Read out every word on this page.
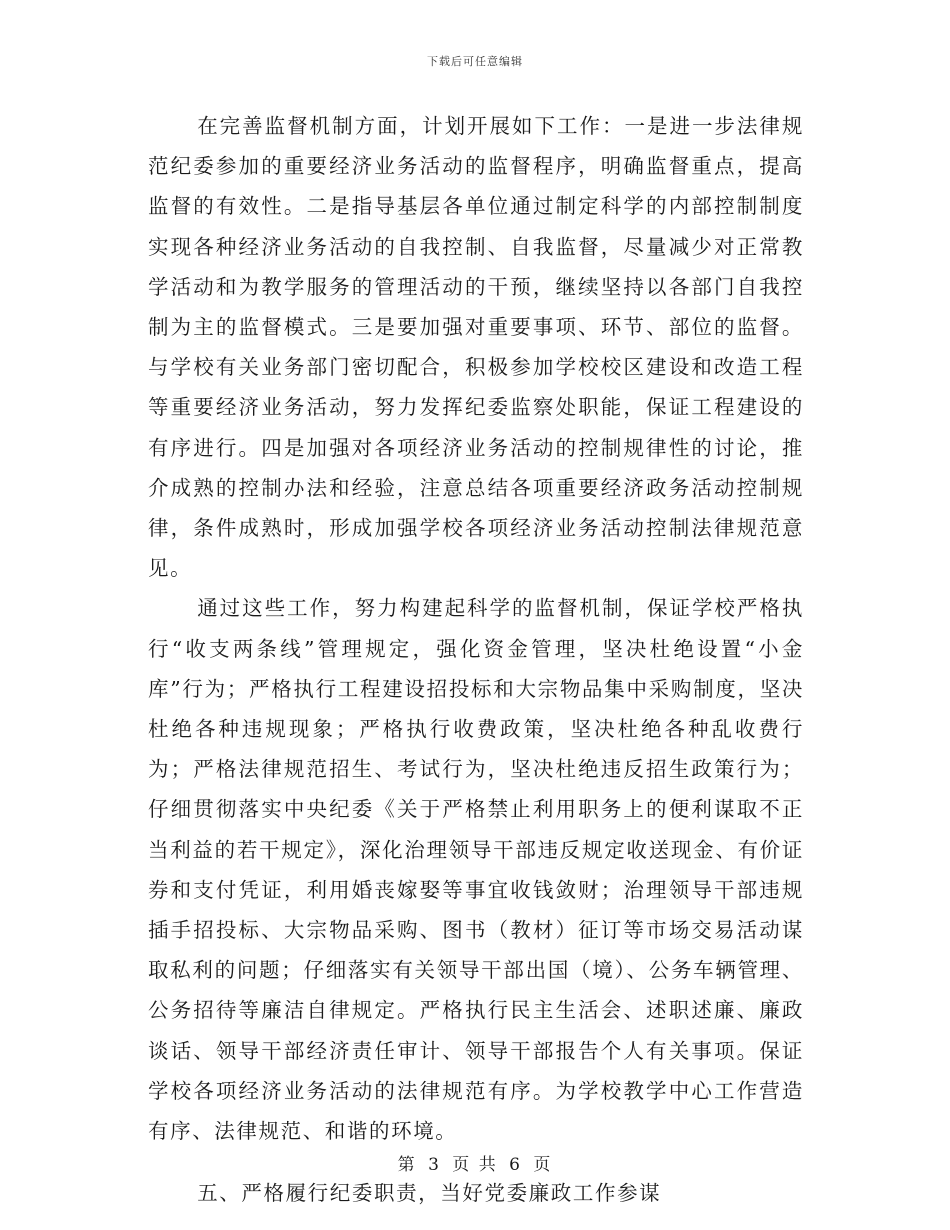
下载后可任意编辑

在完善监督机制方面，计划开展如下工作：一是进一步法律规范纪委参加的重要经济业务活动的监督程序，明确监督重点，提高监督的有效性。二是指导基层各单位通过制定科学的内部控制制度实现各种经济业务活动的自我控制、自我监督，尽量减少对正常教学活动和为教学服务的管理活动的干预，继续坚持以各部门自我控制为主的监督模式。三是要加强对重要事项、环节、部位的监督。与学校有关业务部门密切配合，积极参加学校校区建设和改造工程等重要经济业务活动，努力发挥纪委监察处职能，保证工程建设的有序进行。四是加强对各项经济业务活动的控制规律性的讨论，推介成熟的控制办法和经验，注意总结各项重要经济政务活动控制规律，条件成熟时，形成加强学校各项经济业务活动控制法律规范意见。

通过这些工作，努力构建起科学的监督机制，保证学校严格执行“收支两条线”管理规定，强化资金管理，坚决杜绝设置“小金库”行为；严格执行工程建设招投标和大宗物品集中采购制度，坚决杜绝各种违规现象；严格执行收费政策，坚决杜绝各种乱收费行为；严格法律规范招生、考试行为，坚决杜绝违反招生政策行为；仔细贯彻落实中央纪委《关于严格禁止利用职务上的便利谋取不正当利益的若干规定》，深化治理领导干部违反规定收送现金、有价证券和支付凭证，利用婚丧嫁娶等事宜收钱敛财；治理领导干部违规插手招投标、大宗物品采购、图书（教材）征订等市场交易活动谋取私利的问题；仔细落实有关领导干部出国（境）、公务车辆管理、公务招待等廉洁自律规定。严格执行民主生活会、述职述廉、廉政谈话、领导干部经济责任审计、领导干部报告个人有关事项。保证学校各项经济业务活动的法律规范有序。为学校教学中心工作营造有序、法律规范、和谐的环境。

五、严格履行纪委职责，当好党委廉政工作参谋

第 3 页 共 6 页
